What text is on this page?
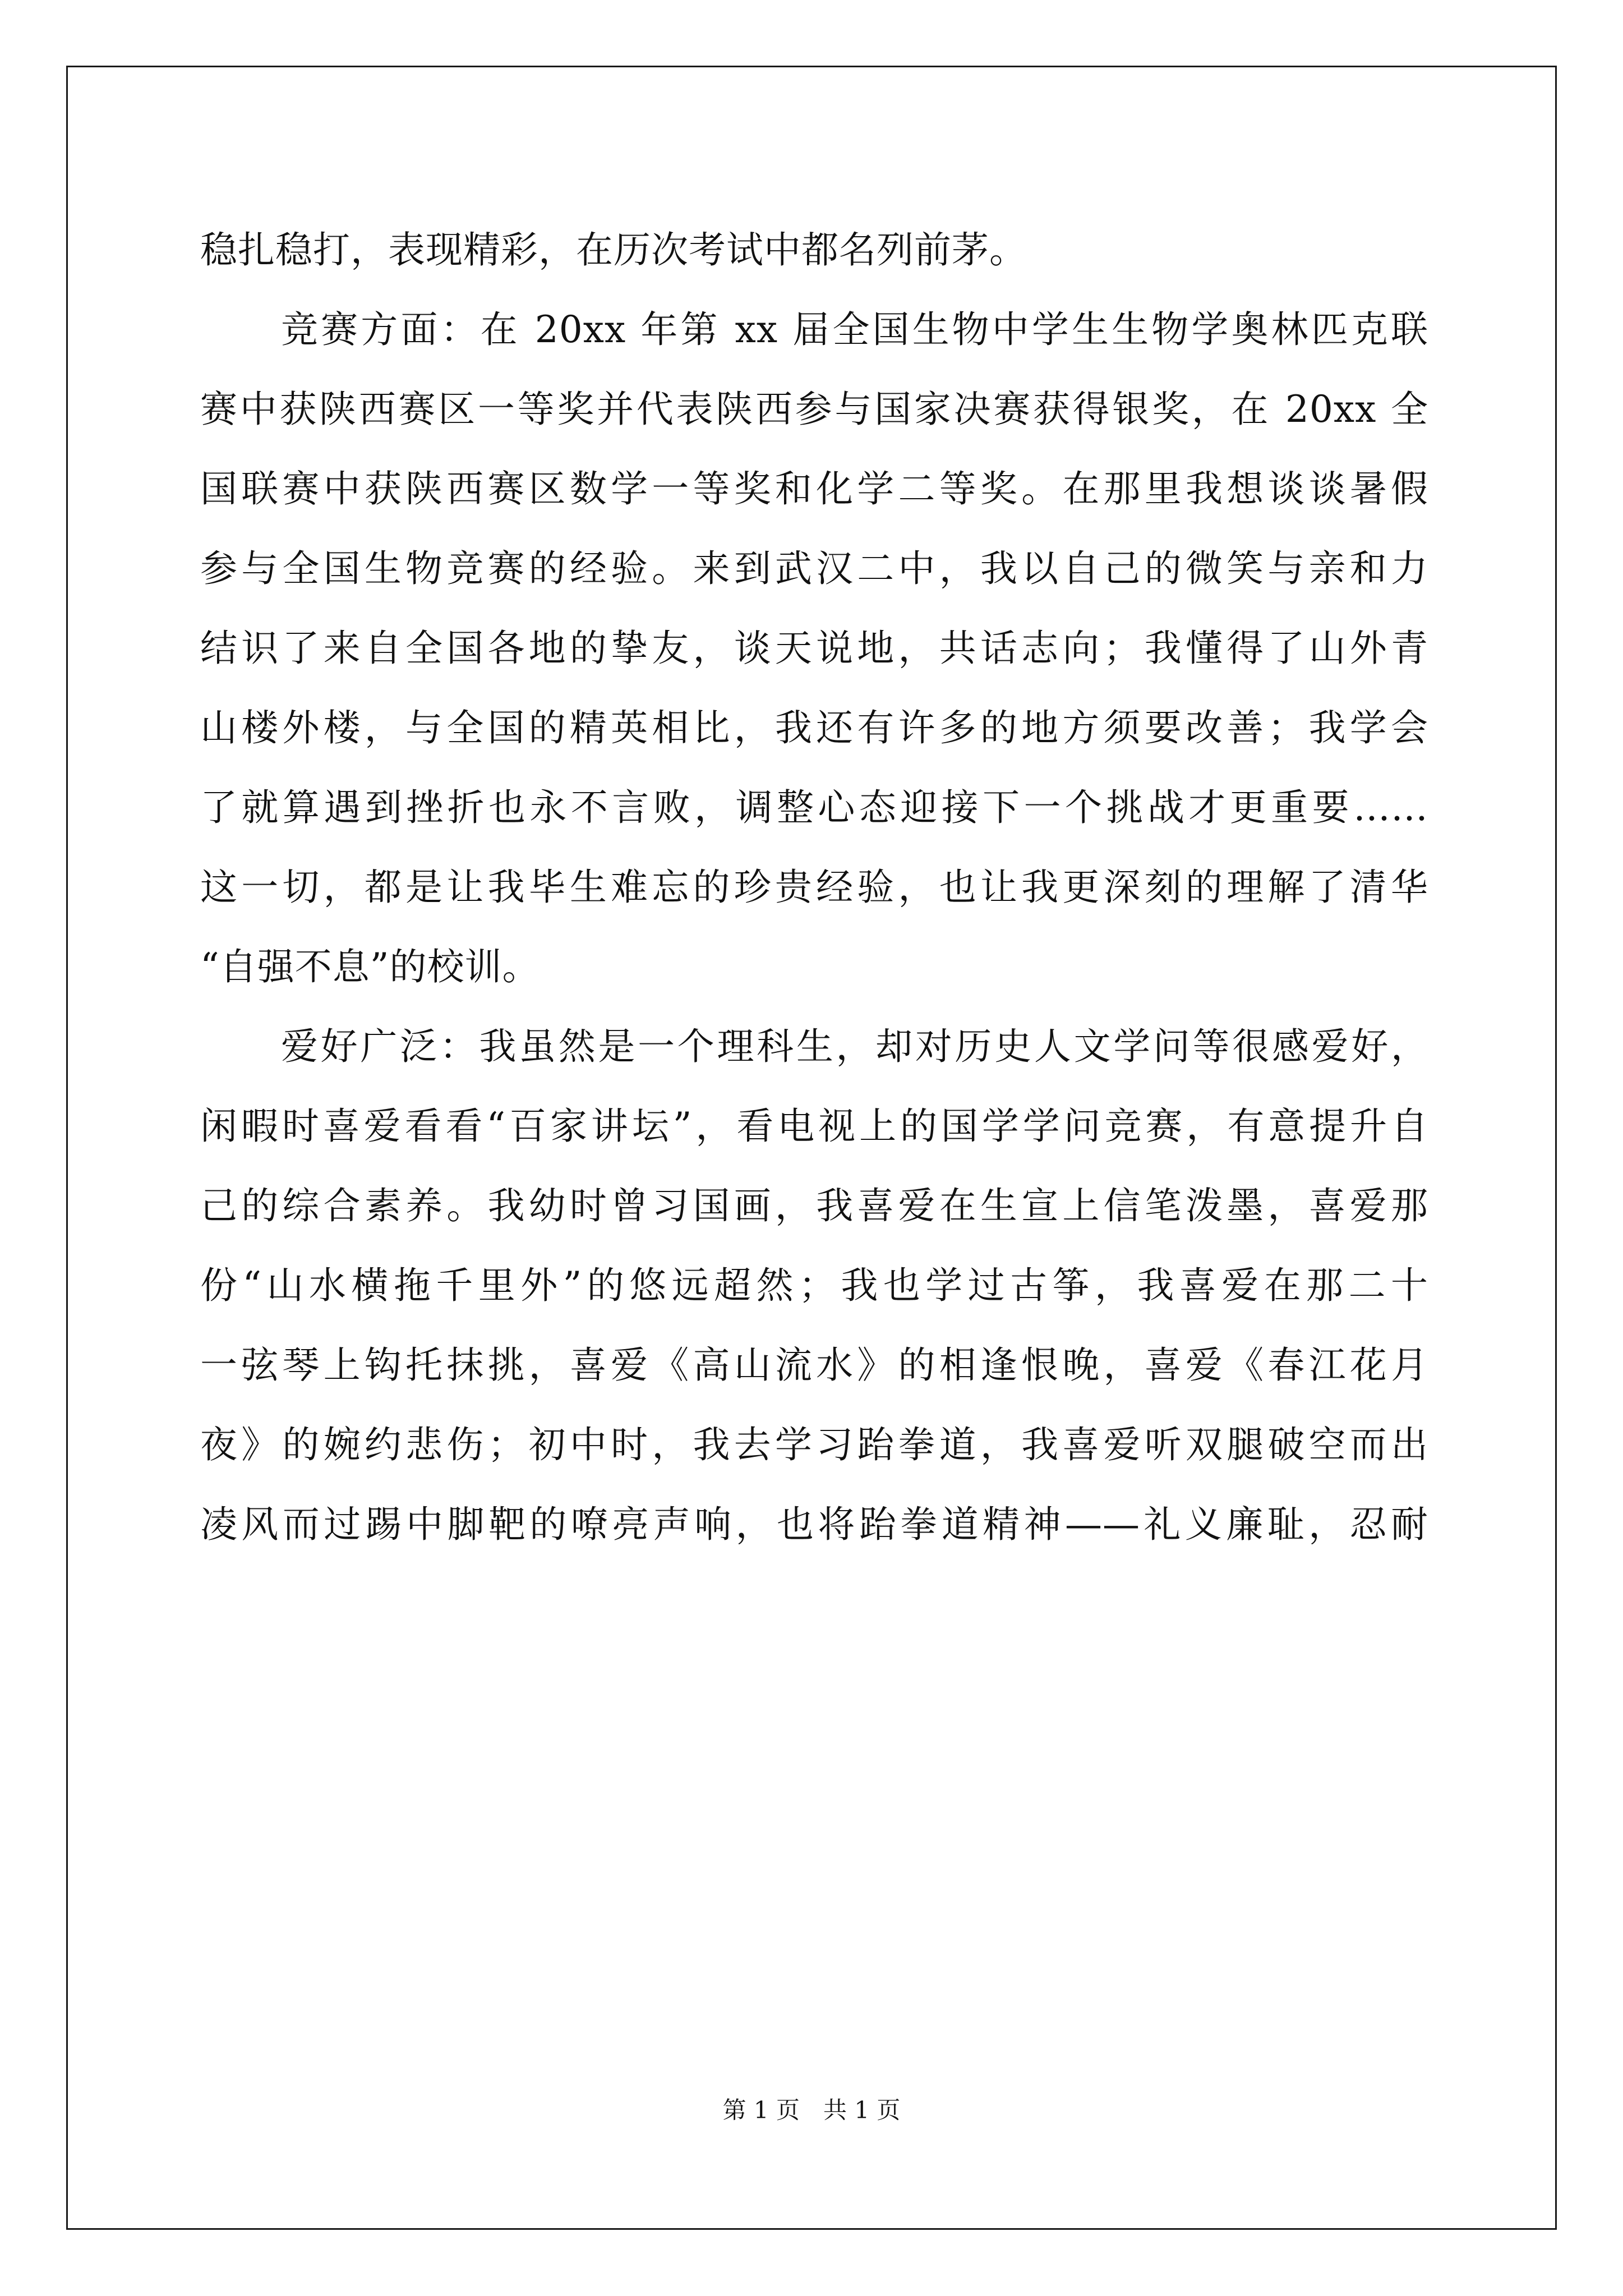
稳扎稳打，表现精彩，在历次考试中都名列前茅。
竞赛方面：在 20xx 年第 xx 届全国生物中学生生物学奥林匹克联
赛中获陕西赛区一等奖并代表陕西参与国家决赛获得银奖，在 20xx 全
国联赛中获陕西赛区数学一等奖和化学二等奖。在那里我想谈谈暑假
参与全国生物竞赛的经验。来到武汉二中，我以自己的微笑与亲和力
结识了来自全国各地的挚友，谈天说地，共话志向；我懂得了山外青
山楼外楼，与全国的精英相比，我还有许多的地方须要改善；我学会
了就算遇到挫折也永不言败，调整心态迎接下一个挑战才更重要……
这一切，都是让我毕生难忘的珍贵经验，也让我更深刻的理解了清华
“自强不息”的校训。
爱好广泛：我虽然是一个理科生，却对历史人文学问等很感爱好，
闲暇时喜爱看看“百家讲坛”，看电视上的国学学问竞赛，有意提升自
己的综合素养。我幼时曾习国画，我喜爱在生宣上信笔泼墨，喜爱那
份“山水横拖千里外”的悠远超然；我也学过古筝，我喜爱在那二十
一弦琴上钩托抹挑，喜爱《高山流水》的相逢恨晚，喜爱《春江花月
夜》的婉约悲伤；初中时，我去学习跆拳道，我喜爱听双腿破空而出
凌风而过踢中脚靶的嘹亮声响，也将跆拳道精神——礼义廉耻，忍耐
第 1 页　共 1 页
